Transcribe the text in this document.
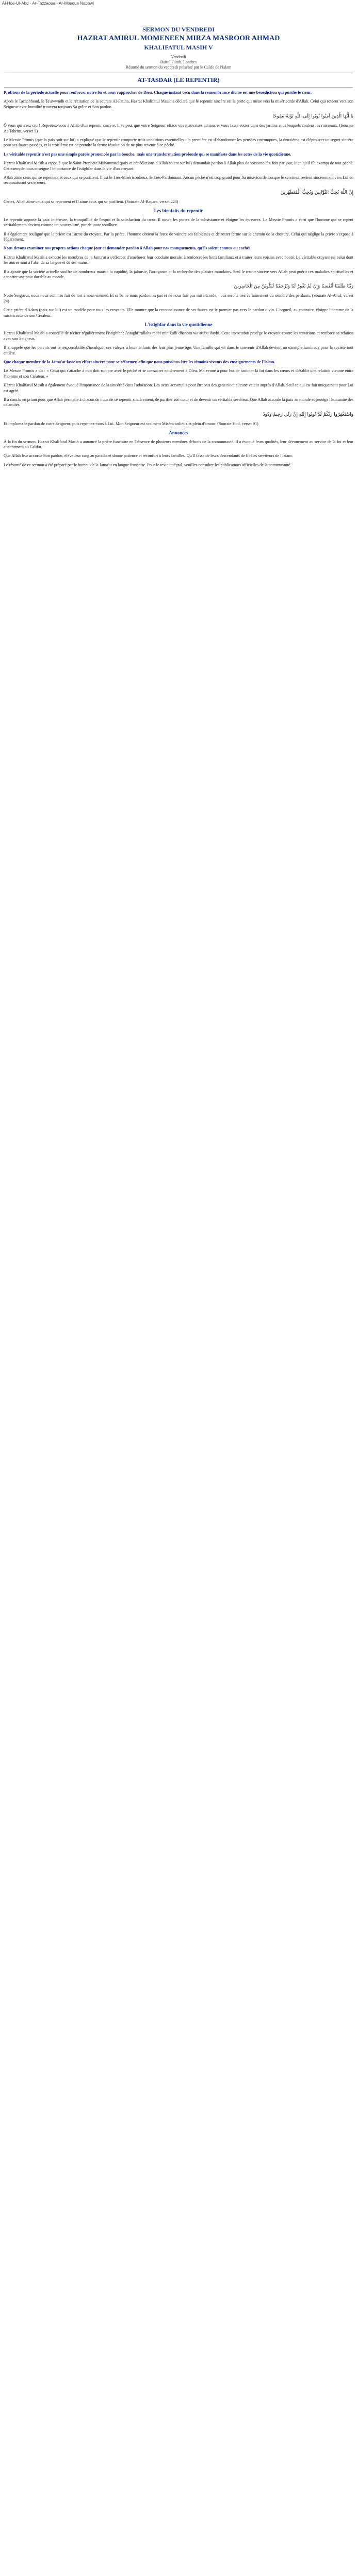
Al-Hoe-Ul-Abd - Ar-Tazzaoua - Ar-Mosque Nabawi
SERMON DU VENDREDI
HAZRAT AMIRUL MOMENEEN MIRZA MASROOR AHMAD
KHALIFATUL MASIH V
Vendredi
Baitul Futuh, Londres
Résumé du sermon du vendredi présenté par le Calife de l'Islam
AT-TASDAR (LE REPENTIR)

Profitons de la période actuelle pour renforcer notre foi et nous rapprocher de Dieu. Chaque instant vécu dans la remembrance divine est une bénédiction qui purifie le cœur.

Après le Tachahhoud, le Ta'awwudh et la récitation de la sourate Al-Fatiha, Hazrat Khalifatul Masih a déclaré que le repentir sincère est la porte qui mène vers la miséricorde d'Allah. Celui qui revient vers son Seigneur avec humilité trouvera toujours Sa grâce et Son pardon.

يَا أَيُّهَا الَّذِينَ آمَنُوا تُوبُوا إِلَى اللَّهِ تَوْبَةً نَصُوحًا

Ô vous qui avez cru ! Repentez-vous à Allah d'un repentir sincère. Il se peut que votre Seigneur efface vos mauvaises actions et vous fasse entrer dans des jardins sous lesquels coulent les ruisseaux. (Sourate At-Tahrim, verset 9)

Le Messie Promis (que la paix soit sur lui) a expliqué que le repentir comporte trois conditions essentielles : la première est d'abandonner les pensées corrompues, la deuxième est d'éprouver un regret sincère pour ses fautes passées, et la troisième est de prendre la ferme résolution de ne plus revenir à ce péché.

Le véritable repentir n'est pas une simple parole prononcée par la bouche, mais une transformation profonde qui se manifeste dans les actes de la vie quotidienne.

Hazrat Khalifatul Masih a rappelé que le Saint Prophète Muhammad (paix et bénédictions d'Allah soient sur lui) demandait pardon à Allah plus de soixante-dix fois par jour, bien qu'il fût exempt de tout péché. Cet exemple nous enseigne l'importance de l'istighfar dans la vie d'un croyant.

Allah aime ceux qui se repentent et ceux qui se purifient. Il est le Très-Miséricordieux, le Très-Pardonnant. Aucun péché n'est trop grand pour Sa miséricorde lorsque le serviteur revient sincèrement vers Lui en reconnaissant ses erreurs.

إِنَّ اللَّهَ يُحِبُّ التَّوَّابِينَ وَيُحِبُّ الْمُتَطَهِّرِينَ

Certes, Allah aime ceux qui se repentent et Il aime ceux qui se purifient. (Sourate Al-Baqara, verset 223)

Les bienfaits du repentir

Le repentir apporte la paix intérieure, la tranquillité de l'esprit et la satisfaction du cœur. Il ouvre les portes de la subsistance et éloigne les épreuves. Le Messie Promis a écrit que l'homme qui se repent véritablement devient comme un nouveau-né, pur de toute souillure.

Il a également souligné que la prière est l'arme du croyant. Par la prière, l'homme obtient la force de vaincre ses faiblesses et de rester ferme sur le chemin de la droiture. Celui qui néglige la prière s'expose à l'égarement.

Nous devons examiner nos propres actions chaque jour et demander pardon à Allah pour nos manquements, qu'ils soient connus ou cachés.

Hazrat Khalifatul Masih a exhorté les membres de la Jama'at à s'efforcer d'améliorer leur conduite morale, à renforcer les liens familiaux et à traiter leurs voisins avec bonté. Le véritable croyant est celui dont les autres sont à l'abri de sa langue et de ses mains.

Il a ajouté que la société actuelle souffre de nombreux maux : la cupidité, la jalousie, l'arrogance et la recherche des plaisirs mondains. Seul le retour sincère vers Allah peut guérir ces maladies spirituelles et apporter une paix durable au monde.

رَبَّنَا ظَلَمْنَا أَنْفُسَنَا وَإِنْ لَمْ تَغْفِرْ لَنَا وَتَرْحَمْنَا لَنَكُونَنَّ مِنَ الْخَاسِرِينَ

Notre Seigneur, nous nous sommes fait du tort à nous-mêmes. Et si Tu ne nous pardonnes pas et ne nous fais pas miséricorde, nous serons très certainement du nombre des perdants. (Sourate Al-A'raf, verset 24)

Cette prière d'Adam (paix sur lui) est un modèle pour tous les croyants. Elle montre que la reconnaissance de ses fautes est le premier pas vers le pardon divin. L'orgueil, au contraire, éloigne l'homme de la miséricorde de son Créateur.

L'istighfar dans la vie quotidienne

Hazrat Khalifatul Masih a conseillé de réciter régulièrement l'istighfar : Astaghfirullaha rabbi min kulli dhanbin wa atubu ilayhi. Cette invocation protège le croyant contre les tentations et renforce sa relation avec son Seigneur.

Il a rappelé que les parents ont la responsabilité d'inculquer ces valeurs à leurs enfants dès leur plus jeune âge. Une famille qui vit dans le souvenir d'Allah devient un exemple lumineux pour la société tout entière.

Que chaque membre de la Jama'at fasse un effort sincère pour se réformer, afin que nous puissions être les témoins vivants des enseignements de l'Islam.

Le Messie Promis a dit : « Celui qui s'attache à moi doit rompre avec le péché et se consacrer entièrement à Dieu. Ma venue a pour but de ranimer la foi dans les cœurs et d'établir une relation vivante entre l'homme et son Créateur. »

Hazrat Khalifatul Masih a également évoqué l'importance de la sincérité dans l'adoration. Les actes accomplis pour être vus des gens n'ont aucune valeur auprès d'Allah. Seul ce qui est fait uniquement pour Lui est agréé.

Il a conclu en priant pour que Allah permette à chacun de nous de se repentir sincèrement, de purifier son cœur et de devenir un véritable serviteur. Que Allah accorde la paix au monde et protège l'humanité des calamités.

وَاسْتَغْفِرُوا رَبَّكُمْ ثُمَّ تُوبُوا إِلَيْهِ إِنَّ رَبِّي رَحِيمٌ وَدُودٌ

Et implorez le pardon de votre Seigneur, puis repentez-vous à Lui. Mon Seigneur est vraiment Miséricordieux et plein d'amour. (Sourate Hud, verset 91)

Annonces

À la fin du sermon, Hazrat Khalifatul Masih a annoncé la prière funéraire en l'absence de plusieurs membres défunts de la communauté. Il a évoqué leurs qualités, leur dévouement au service de la foi et leur attachement au Califat.

Que Allah leur accorde Son pardon, élève leur rang au paradis et donne patience et réconfort à leurs familles. Qu'Il fasse de leurs descendants de fidèles serviteurs de l'Islam.

Le résumé de ce sermon a été préparé par le bureau de la Jama'at en langue française. Pour le texte intégral, veuillez consulter les publications officielles de la communauté.
